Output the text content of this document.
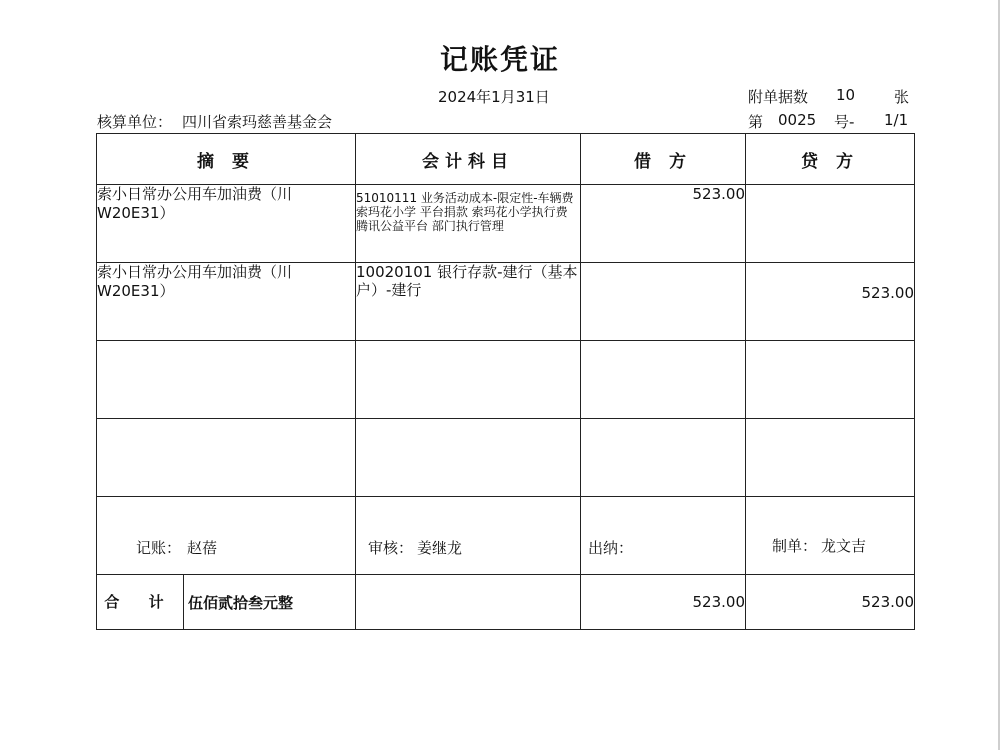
记账凭证
2024年1月31日	附单据数 10	张
核算单位： 四川省索玛慈善基金会	第 0025 号- 1/1
摘 要	会计科目	借 方	贷 方
索小日常办公用车加油费（川W20E31）	51010111 业务活动成本-限定性-车辆费 索玛花小学 平台捐款 索玛花小学执行费 腾讯公益平台 部门执行管理	523.00	
索小日常办公用车加油费（川W20E31）	10020101 银行存款-建行（基本户）-建行		523.00

合 计 伍佰贰拾叁元整		523.00	523.00
记账： 赵蓓	审核： 姜继龙	出纳：	制单： 龙文吉
